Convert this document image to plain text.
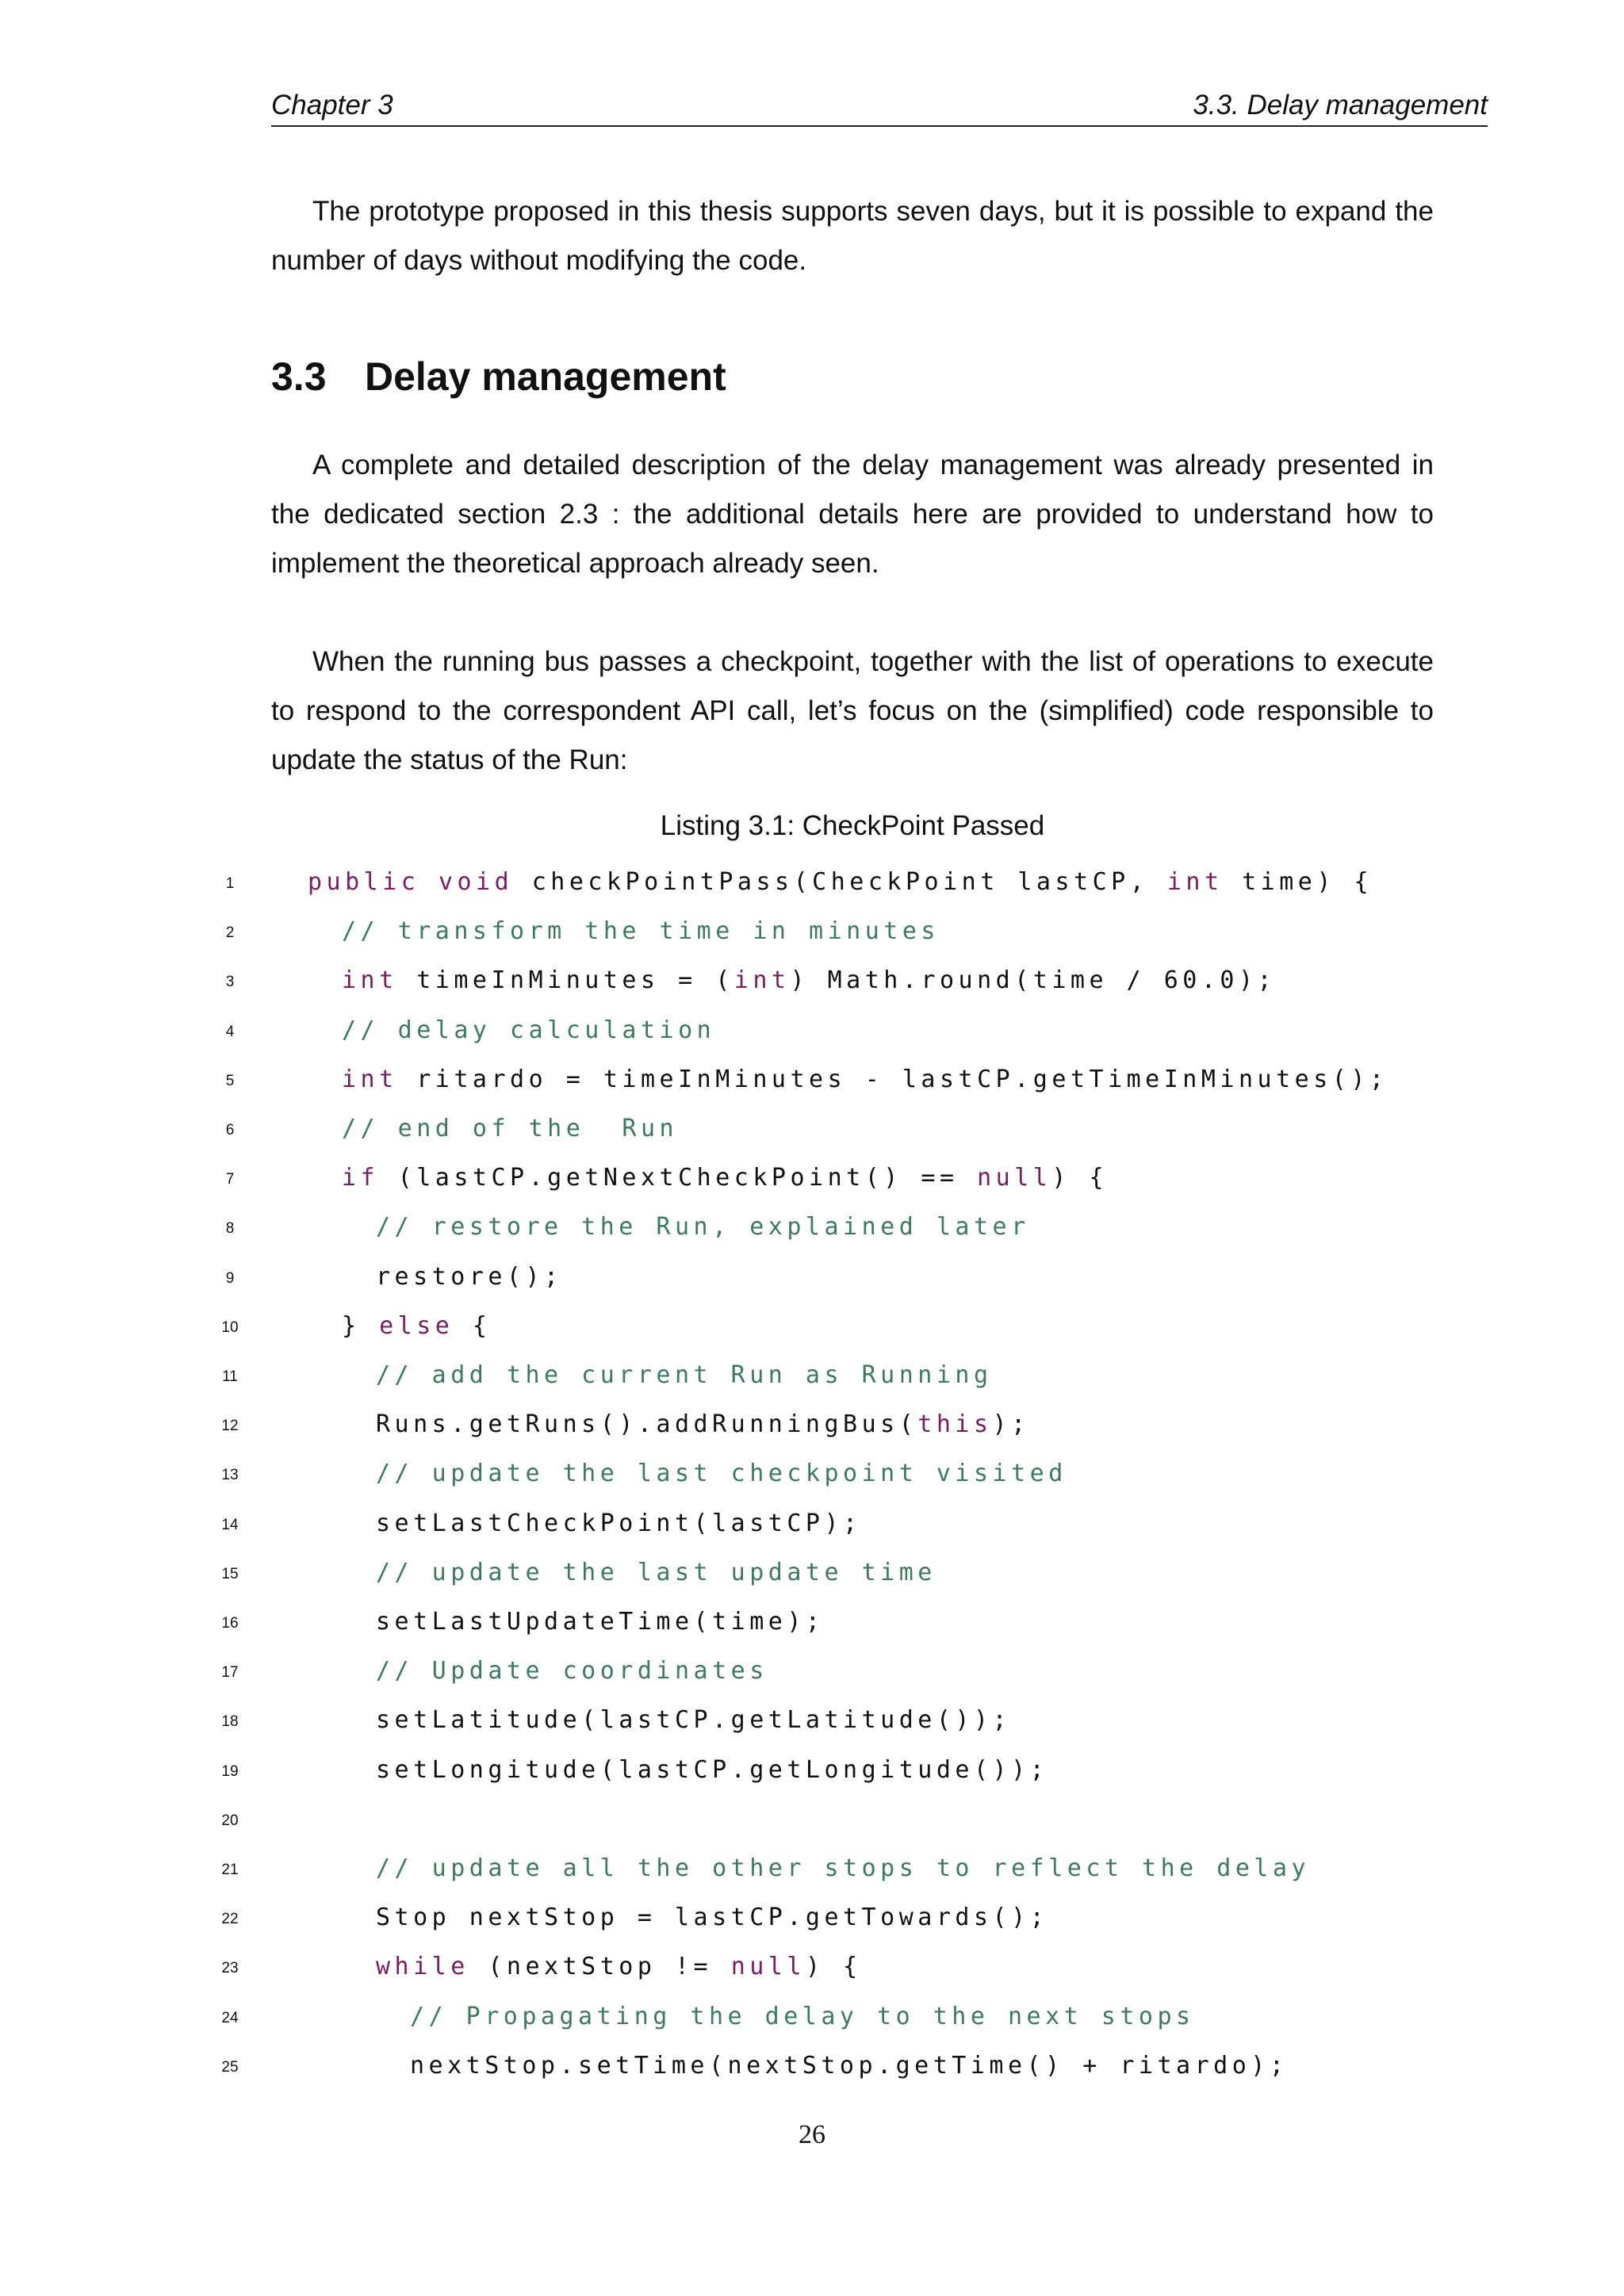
Chapter 3	3.3. Delay management

The prototype proposed in this thesis supports seven days, but it is possible to expand the number of days without modifying the code.

3.3 Delay management

A complete and detailed description of the delay management was already presented in the dedicated section 2.3 : the additional details here are provided to understand how to implement the theoretical approach already seen.

When the running bus passes a checkpoint, together with the list of operations to execute to respond to the correspondent API call, let’s focus on the (simplified) code responsible to update the status of the Run:

Listing 3.1: CheckPoint Passed
1	public void checkPointPass(CheckPoint lastCP, int time) {
2	// transform the time in minutes
3	int timeInMinutes = (int) Math.round(time / 60.0);
4	// delay calculation
5	int ritardo = timeInMinutes - lastCP.getTimeInMinutes();
6	// end of the  Run
7	if (lastCP.getNextCheckPoint() == null) {
8	// restore the Run, explained later
9	restore();
10	} else {
11	// add the current Run as Running
12	Runs.getRuns().addRunningBus(this);
13	// update the last checkpoint visited
14	setLastCheckPoint(lastCP);
15	// update the last update time
16	setLastUpdateTime(time);
17	// Update coordinates
18	setLatitude(lastCP.getLatitude());
19	setLongitude(lastCP.getLongitude());
20
21	// update all the other stops to reflect the delay
22	Stop nextStop = lastCP.getTowards();
23	while (nextStop != null) {
24	// Propagating the delay to the next stops
25	nextStop.setTime(nextStop.getTime() + ritardo);
26
